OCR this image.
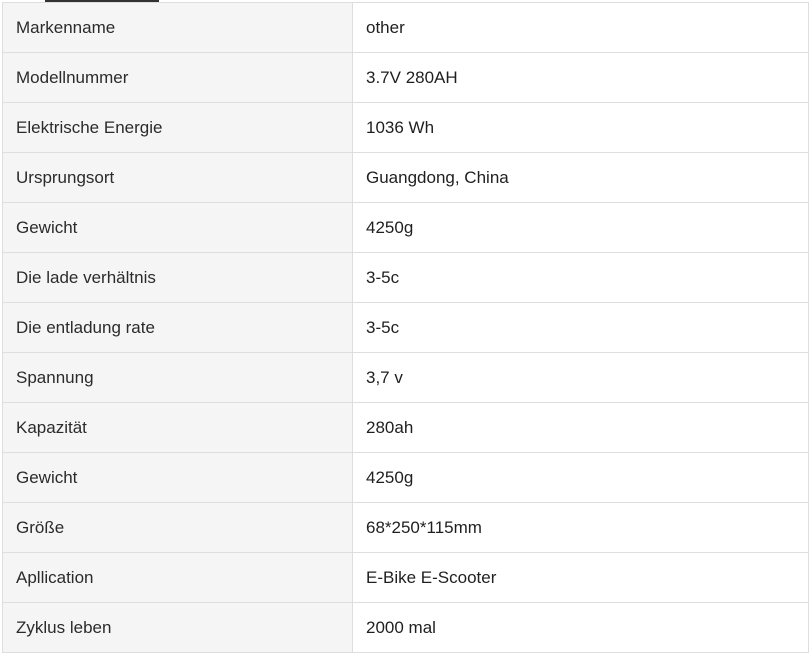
Markenname	other
Modellnummer	3.7V 280AH
Elektrische Energie	1036 Wh
Ursprungsort	Guangdong, China
Gewicht	4250g
Die lade verhältnis	3-5c
Die entladung rate	3-5c
Spannung	3,7 v
Kapazität	280ah
Gewicht	4250g
Größe	68*250*115mm
Apllication	E-Bike E-Scooter
Zyklus leben	2000 mal
